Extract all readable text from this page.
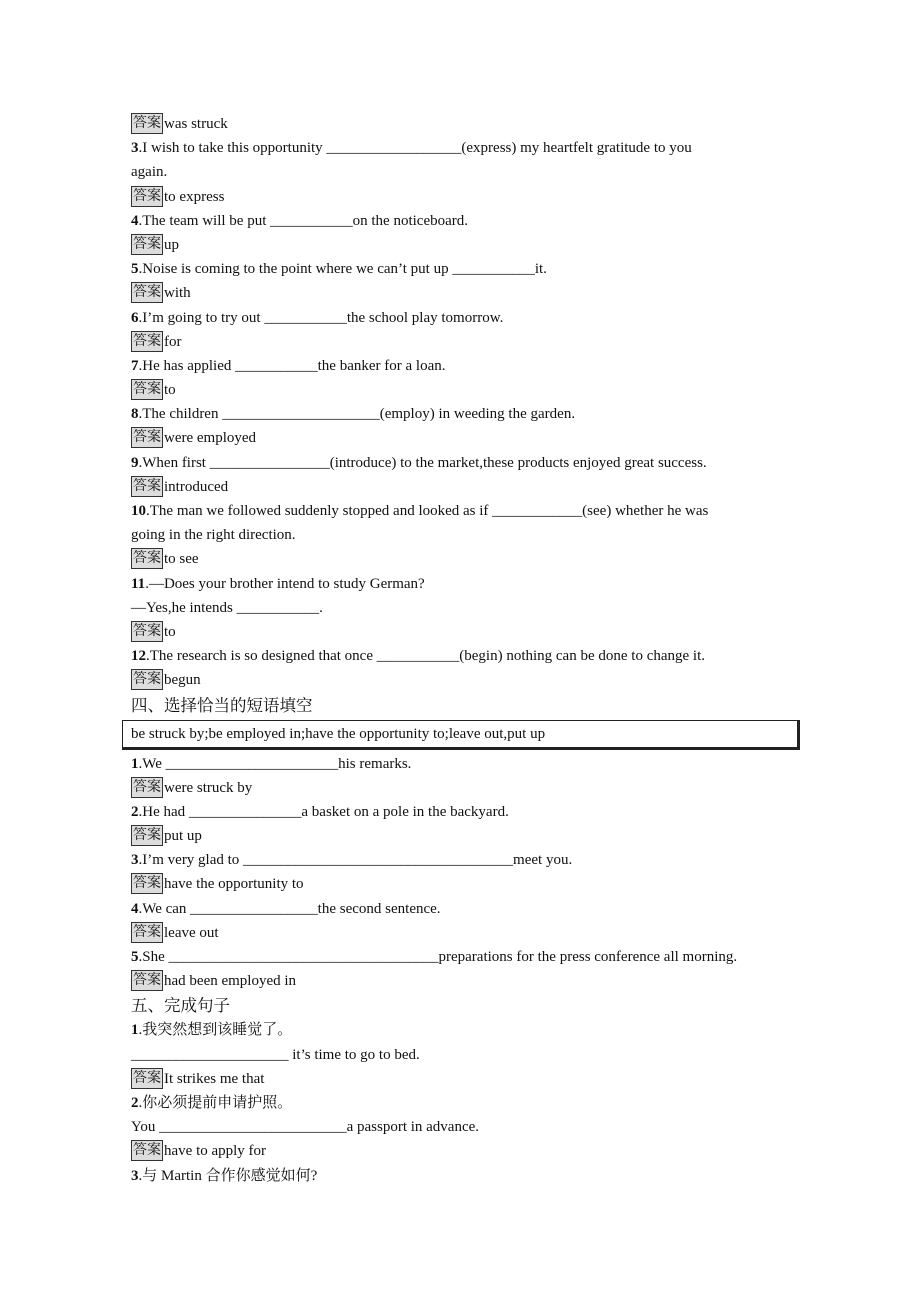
答案 was struck
3.I wish to take this opportunity __________________(express) my heartfelt gratitude to you
again.
答案 to express
4.The team will be put ___________on the noticeboard.
答案 up
5.Noise is coming to the point where we can’t put up ___________it.
答案 with
6.I’m going to try out ___________the school play tomorrow.
答案 for
7.He has applied ___________the banker for a loan.
答案 to
8.The children _____________________(employ) in weeding the garden.
答案 were employed
9.When first ________________(introduce) to the market,these products enjoyed great success.
答案 introduced
10.The man we followed suddenly stopped and looked as if ____________(see) whether he was
going in the right direction.
答案 to see
11.—Does your brother intend to study German?
—Yes,he intends ___________.
答案 to
12.The research is so designed that once ___________(begin) nothing can be done to change it.
答案 begun
四、选择恰当的短语填空
be struck by;be employed in;have the opportunity to;leave out,put up
1.We _______________________his remarks.
答案 were struck by
2.He had _______________a basket on a pole in the backyard.
答案 put up
3.I’m very glad to ____________________________________meet you.
答案 have the opportunity to
4.We can _________________the second sentence.
答案 leave out
5.She ____________________________________preparations for the press conference all morning.
答案 had been employed in
五、完成句子
1.我突然想到该睡觉了。
_____________________ it’s time to go to bed.
答案 It strikes me that
2.你必须提前申请护照。
You _________________________a passport in advance.
答案 have to apply for
3.与 Martin 合作你感觉如何?
